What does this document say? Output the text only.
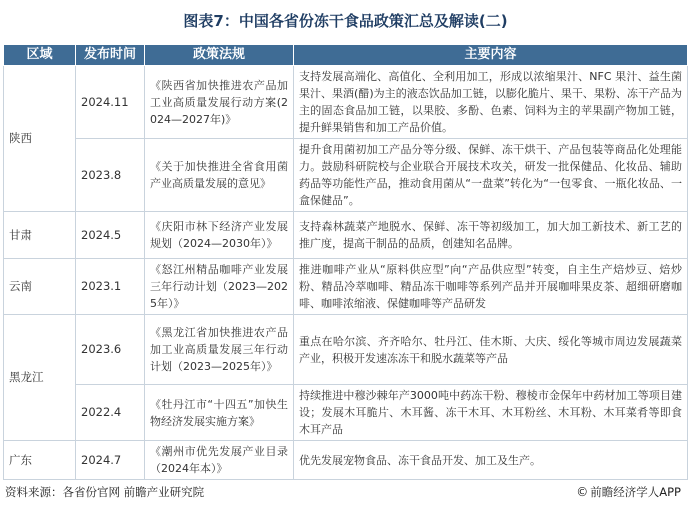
图表7：中国各省份冻干食品政策汇总及解读(二)
区域	发布时间	政策法规	主要内容
陕西	2024.11	《陕西省加快推进农产品加工业高质量发展行动方案(2024—2027年)》	支持发展高端化、高值化、全利用加工，形成以浓缩果汁、NFC 果汁、益生菌果汁、果酒(醋)为主的液态饮品加工链，以膨化脆片、果干、果粉、冻干产品为主的固态食品加工链，以果胶、多酚、色素、饲料为主的苹果副产物加工链，提升鲜果销售和加工产品价值。

	2023.8	《关于加快推进全省食用菌产业高质量发展的意见》	提升食用菌初加工产品分等分级、保鲜、冻干烘干、产品包装等商品化处理能力。鼓励科研院校与企业联合开展技术攻关，研发一批保健品、化妆品、辅助药品等功能性产品，推动食用菌从“一盘菜”转化为“一包零食、一瓶化妆品、一盒保健品”。

甘肃	2024.5	《庆阳市林下经济产业发展规划（2024—2030年）》	支持森林蔬菜产地脱水、保鲜、冻干等初级加工，加大加工新技术、新工艺的推广度，提高干制品的品质，创建知名品牌。

云南	2023.1	《怒江州精品咖啡产业发展三年行动计划（2023—2025年）》	推进咖啡产业从“原料供应型”向“产品供应型”转变，自主生产焙炒豆、焙炒粉、精品冷萃咖啡、精品冻干咖啡等系列产品并开展咖啡果皮茶、超细研磨咖啡、咖啡浓缩液、保健咖啡等产品研发

黑龙江	2023.6	《黑龙江省加快推进农产品加工业高质量发展三年行动计划（2023—2025年）》	重点在哈尔滨、齐齐哈尔、牡丹江、佳木斯、大庆、绥化等城市周边发展蔬菜产业，积极开发速冻冻干和脱水蔬菜等产品

	2022.4	《牡丹江市“十四五”加快生物经济发展实施方案》	持续推进中穆沙棘年产3000吨中药冻干粉、穆棱市金保年中药材加工等项目建设；发展木耳脆片、木耳酱、冻干木耳、木耳粉丝、木耳粉、木耳菜肴等即食木耳产品

广东	2024.7	《潮州市优先发展产业目录（2024年本）》	优先发展宠物食品、冻干食品开发、加工及生产。
资料来源：各省份官网 前瞻产业研究院	© 前瞻经济学人APP
